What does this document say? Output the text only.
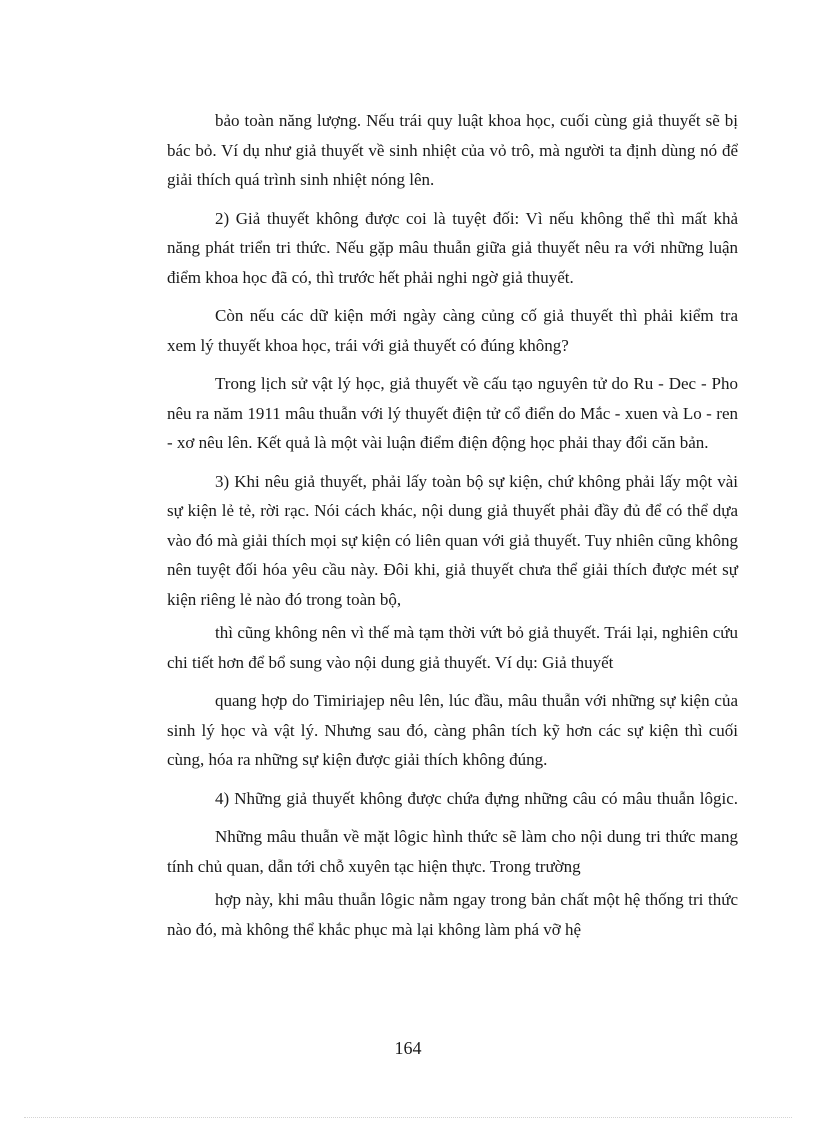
bảo toàn năng lượng. Nếu trái quy luật khoa học, cuối cùng giả thuyết sẽ bị bác bỏ. Ví dụ như giả thuyết về sinh nhiệt của vỏ trô, mà người ta định dùng nó để giải thích quá trình sinh nhiệt nóng lên.

2) Giả thuyết không được coi là tuyệt đối: Vì nếu không thể thì mất khả năng phát triển tri thức. Nếu gặp mâu thuẫn giữa giả thuyết nêu ra với những luận điểm khoa học đã có, thì trước hết phải nghi ngờ giả thuyết.

Còn nếu các dữ kiện mới ngày càng củng cố giả thuyết thì phải kiểm tra xem lý thuyết khoa học, trái với giả thuyết có đúng không?

Trong lịch sử vật lý học, giả thuyết về cấu tạo nguyên tử do Ru - Dec - Pho nêu ra năm 1911 mâu thuẫn với lý thuyết điện tử cổ điển do Mắc - xuen và Lo - ren - xơ nêu lên. Kết quả là một vài luận điểm điện động học phải thay đổi căn bản.

3) Khi nêu giả thuyết, phải lấy toàn bộ sự kiện, chứ không phải lấy một vài sự kiện lẻ tẻ, rời rạc. Nói cách khác, nội dung giả thuyết phải đầy đủ để có thể dựa vào đó mà giải thích mọi sự kiện có liên quan với giả thuyết. Tuy nhiên cũng không nên tuyệt đối hóa yêu cầu này. Đôi khi, giả thuyết chưa thể giải thích được mét sự kiện riêng lẻ nào đó trong toàn bộ,

thì cũng không nên vì thế mà tạm thời vứt bỏ giả thuyết. Trái lại, nghiên cứu chi tiết hơn để bổ sung vào nội dung giả thuyết. Ví dụ: Giả thuyết

quang hợp do Timiriajep nêu lên, lúc đầu, mâu thuẫn với những sự kiện của sinh lý học và vật lý. Nhưng sau đó, càng phân tích kỹ hơn các sự kiện thì cuối cùng, hóa ra những sự kiện được giải thích không đúng.

4) Những giả thuyết không được chứa đựng những câu có mâu thuẫn lôgic.

Những mâu thuẫn về mặt lôgic hình thức sẽ làm cho nội dung tri thức mang tính chủ quan, dẫn tới chỗ xuyên tạc hiện thực. Trong trường

hợp này, khi mâu thuẫn lôgic nằm ngay trong bản chất một hệ thống tri thức nào đó, mà không thể khắc phục mà lại không làm phá vỡ hệ

164
